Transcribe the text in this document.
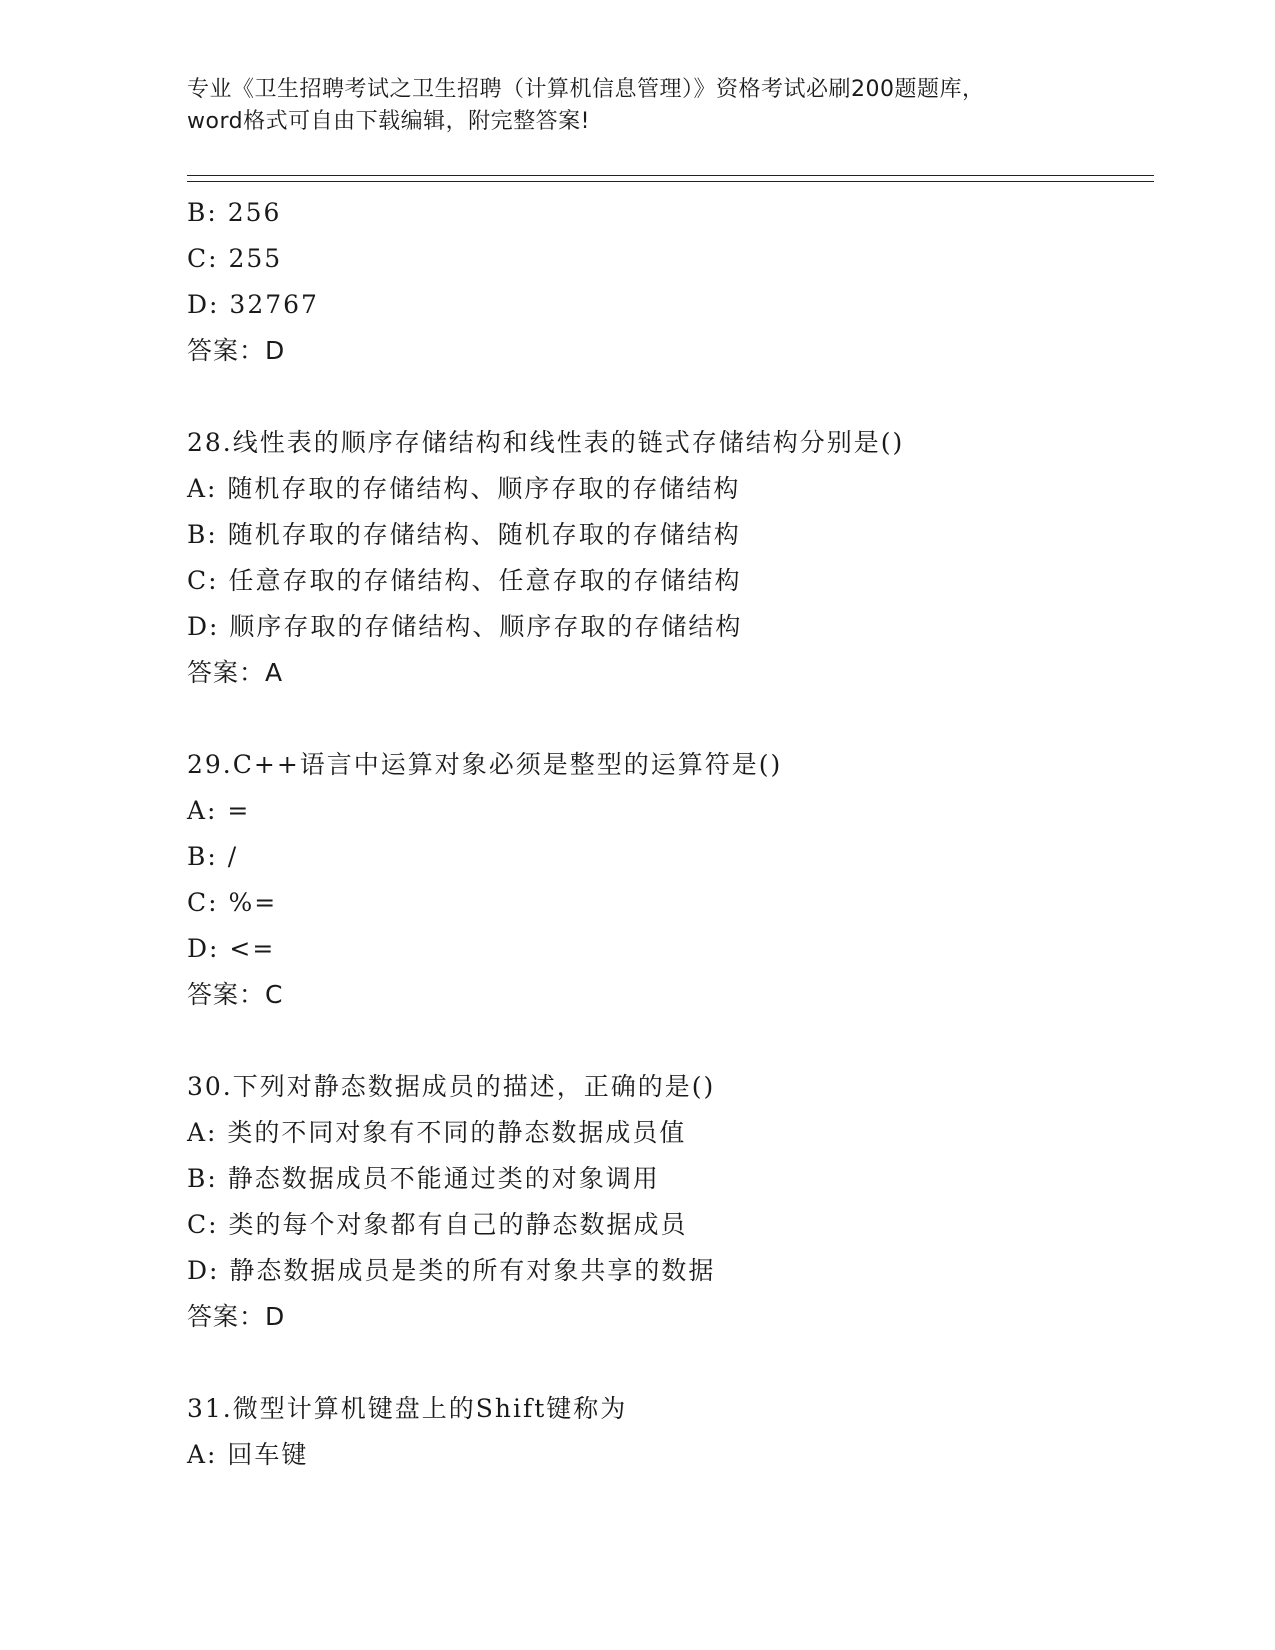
专业《卫生招聘考试之卫生招聘（计算机信息管理）》资格考试必刷200题题库，
word格式可自由下载编辑，附完整答案!
B: 256
C: 255
D: 32767
答案：D
28.线性表的顺序存储结构和线性表的链式存储结构分别是()
A: 随机存取的存储结构、顺序存取的存储结构
B: 随机存取的存储结构、随机存取的存储结构
C: 任意存取的存储结构、任意存取的存储结构
D: 顺序存取的存储结构、顺序存取的存储结构
答案：A
29.C++语言中运算对象必须是整型的运算符是()
A: =
B: /
C: %=
D: <=
答案：C
30.下列对静态数据成员的描述，正确的是()
A: 类的不同对象有不同的静态数据成员值
B: 静态数据成员不能通过类的对象调用
C: 类的每个对象都有自己的静态数据成员
D: 静态数据成员是类的所有对象共享的数据
答案：D
31.微型计算机键盘上的Shift键称为
A: 回车键
